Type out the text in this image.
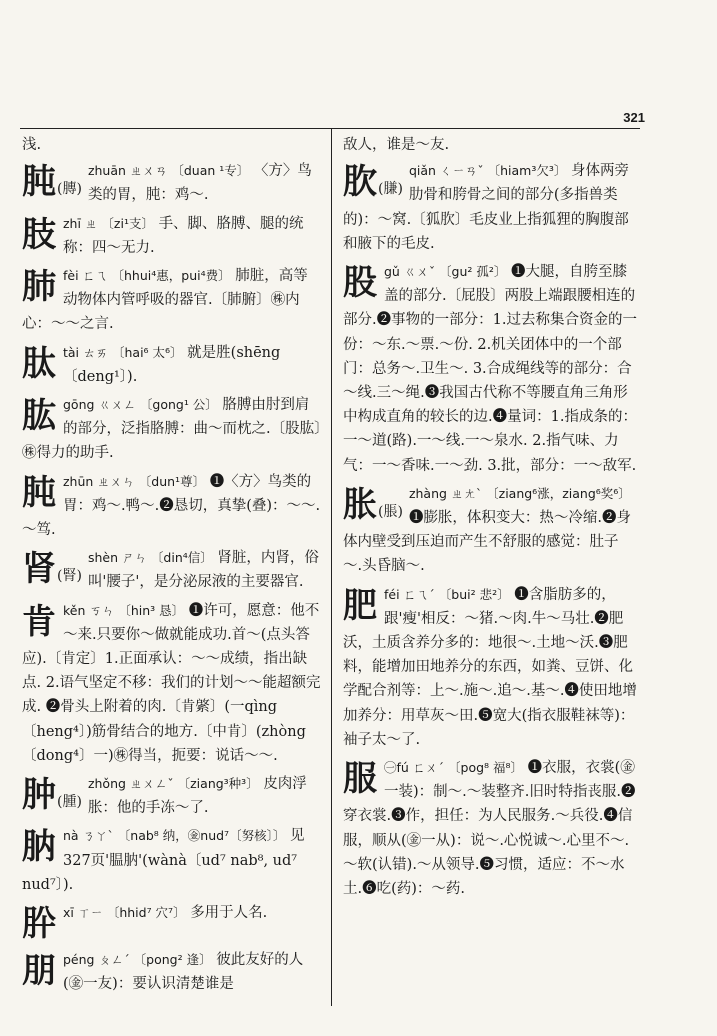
321

浅.

肫 (膞)

zhuān ㄓㄨㄢ 〔duan ¹专〕 〈方〉鸟类的胃，肫：鸡～.

肢 zhī ㄓ 〔zi¹支〕 手、脚、胳膊、腿的统称：四～无力.

肺 fèi ㄈㄟ 〔hhui⁴惠，pui⁴费〕 肺脏，高等动物体内管呼吸的器官.〔肺腑〕㊑内心：～～之言.

肽 tài ㄊㄞ 〔hai⁶ 太⁶〕 就是胜(shēng〔deng¹〕).

肱 gōng ㄍㄨㄥ 〔gong¹ 公〕 胳膊由肘到肩的部分，泛指胳膊：曲～而枕之.〔股肱〕㊑得力的助手.

肫 zhūn ㄓㄨㄣ 〔dun¹尊〕 ❶〈方〉鸟类的胃：鸡～.鸭～.❷恳切，真挚(叠)：～～.～笃.

肾 (腎)

shèn ㄕㄣ 〔din⁴信〕 肾脏，内肾，俗叫'腰子'，是分泌尿液的主要器官.

肯 kěn ㄎㄣ 〔hin³ 恳〕 ❶许可，愿意：他不～来.只要你～做就能成功.首～(点头答应).〔肯定〕1.正面承认：～～成绩，指出缺点. 2.语气坚定不移：我们的计划～～能超额完成. ❷骨头上附着的肉.〔肯綮〕(一qìng〔heng⁴〕)筋骨结合的地方.〔中肯〕(zhòng〔dong⁴〕一)㊑得当，扼要：说话～～.

肿 (腫)

zhǒng ㄓㄨㄥˇ 〔ziang³种³〕 皮肉浮胀：他的手冻～了.

肭 nà ㄋㄚˋ 〔nab⁸ 纳，㊎nud⁷〔努核〕〕 见327页'腽肭'(wànà〔ud⁷ nab⁸, ud⁷ nud⁷〕).

肸 xī ㄒㄧ 〔hhid⁷ 穴⁷〕 多用于人名.

朋 péng ㄆㄥˊ 〔pong² 逢〕 彼此友好的人(㊎一友)：要认识清楚谁是

敌人，谁是～友.

肷 (膁)

qiǎn ㄑㄧㄢˇ 〔hiam³欠³〕 身体两旁肋骨和胯骨之间的部分(多指兽类的)：～窝.〔狐肷〕毛皮业上指狐狸的胸腹部和腋下的毛皮.

股 gǔ ㄍㄨˇ 〔gu² 孤²〕 ❶大腿，自胯至膝盖的部分.〔屁股〕两股上端跟腰相连的部分.❷事物的一部分：1.过去称集合资金的一份：～东.～票.～份. 2.机关团体中的一个部门：总务～.卫生～. 3.合成绳线等的部分：合～线.三～绳.❸我国古代称不等腰直角三角形中构成直角的较长的边.❹量词：1.指成条的：一～道(路).一～线.一～泉水. 2.指气味、力气：一～香味.一～劲. 3.批，部分：一～敌军.

胀 (脹)

zhàng ㄓㄤˋ 〔ziang⁶涨，ziang⁶奖⁶〕 ❶膨胀，体积变大：热～冷缩.❷身体内壁受到压迫而产生不舒服的感觉：肚子～.头昏脑～.

肥 féi ㄈㄟˊ 〔bui² 悲²〕 ❶含脂肪多的，跟'瘦'相反：～猪.～肉.牛～马壮.❷肥沃，土质含养分多的：地很～.土地～沃.❸肥料，能增加田地养分的东西，如粪、豆饼、化学配合剂等：上～.施～.追～.基～.❹使田地增加养分：用草灰～田.❺宽大(指衣服鞋袜等)：袖子太～了.

服 ㊀fú ㄈㄨˊ 〔pog⁸ 福⁸〕 ❶衣服，衣裳(㊎一装)：制～.～装整齐.旧时特指丧服.❷穿衣裳.❸作，担任：为人民服务.～兵役.❹信服，顺从(㊎一从)：说～.心悦诚～.心里不～.～软(认错).～从领导.❺习惯，适应：不～水土.❻吃(药)：～药.
